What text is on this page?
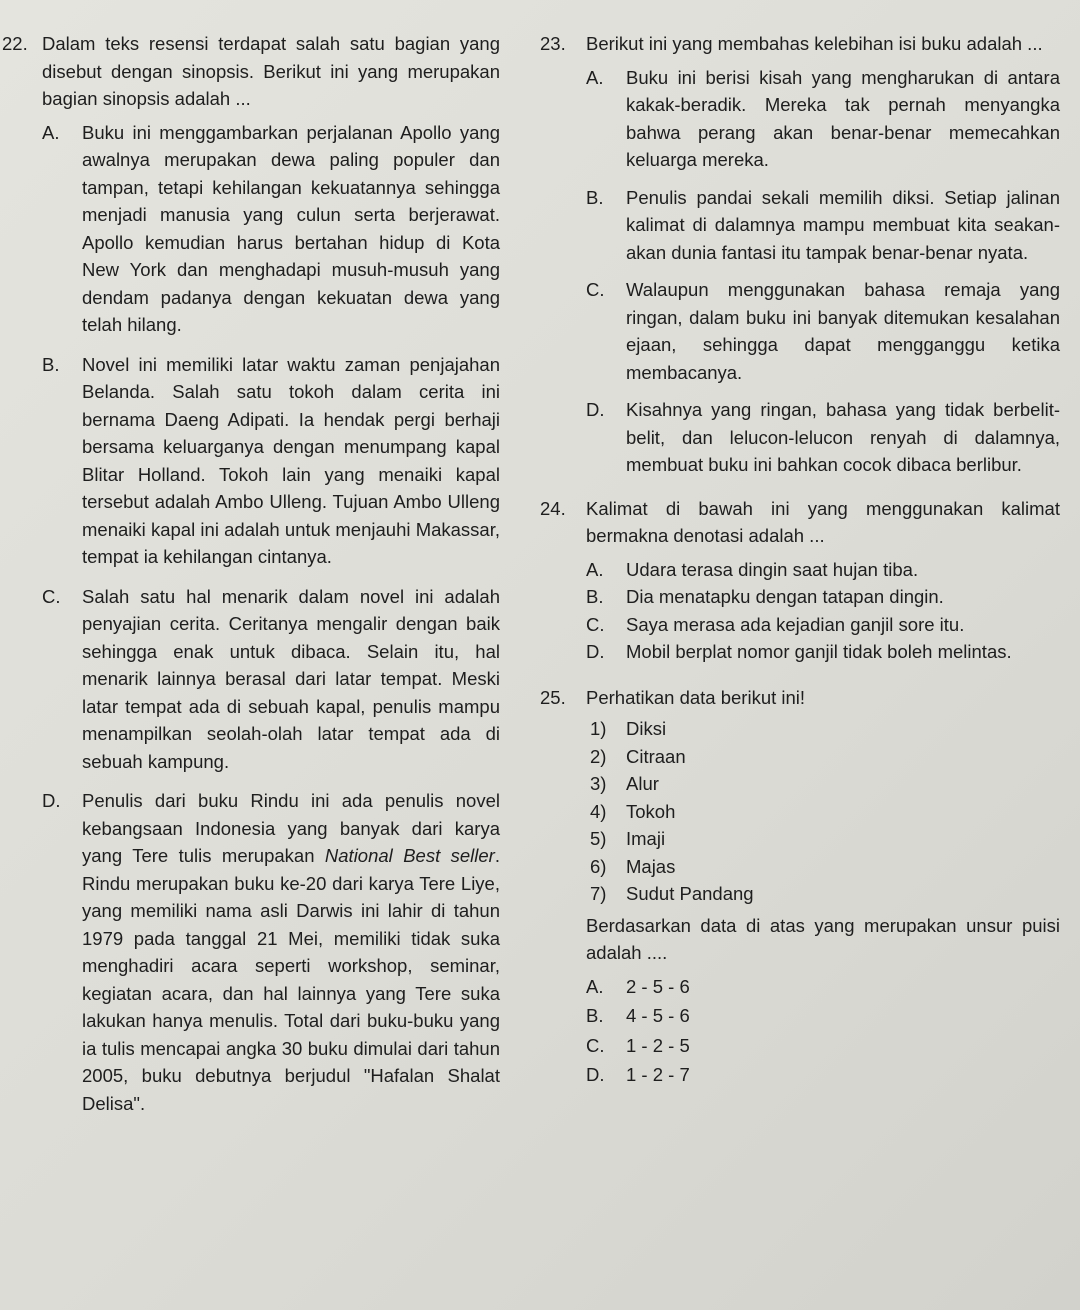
22. Dalam teks resensi terdapat salah satu bagian yang disebut dengan sinopsis. Berikut ini yang merupakan bagian sinopsis adalah ...
A. Buku ini menggambarkan perjalanan Apollo yang awalnya merupakan dewa paling populer dan tampan, tetapi kehilangan kekuatannya sehingga menjadi manusia yang culun serta berjerawat. Apollo kemudian harus bertahan hidup di Kota New York dan menghadapi musuh-musuh yang dendam padanya dengan kekuatan dewa yang telah hilang.
B. Novel ini memiliki latar waktu zaman penjajahan Belanda. Salah satu tokoh dalam cerita ini bernama Daeng Adipati. Ia hendak pergi berhaji bersama keluarganya dengan menumpang kapal Blitar Holland. Tokoh lain yang menaiki kapal tersebut adalah Ambo Ulleng. Tujuan Ambo Ulleng menaiki kapal ini adalah untuk menjauhi Makassar, tempat ia kehilangan cintanya.
C. Salah satu hal menarik dalam novel ini adalah penyajian cerita. Ceritanya mengalir dengan baik sehingga enak untuk dibaca. Selain itu, hal menarik lainnya berasal dari latar tempat. Meski latar tempat ada di sebuah kapal, penulis mampu menampilkan seolah-olah latar tempat ada di sebuah kampung.
D. Penulis dari buku Rindu ini ada penulis novel kebangsaan Indonesia yang banyak dari karya yang Tere tulis merupakan National Best seller. Rindu merupakan buku ke-20 dari karya Tere Liye, yang memiliki nama asli Darwis ini lahir di tahun 1979 pada tanggal 21 Mei, memiliki tidak suka menghadiri acara seperti workshop, seminar, kegiatan acara, dan hal lainnya yang Tere suka lakukan hanya menulis. Total dari buku-buku yang ia tulis mencapai angka 30 buku dimulai dari tahun 2005, buku debutnya berjudul "Hafalan Shalat Delisa".
23.	Berikut ini yang membahas kelebihan isi buku adalah ...
A. Buku ini berisi kisah yang mengharukan di antara kakak-beradik. Mereka tak pernah menyangka bahwa perang akan benar-benar memecahkan keluarga mereka.
B. Penulis pandai sekali memilih diksi. Setiap jalinan kalimat di dalamnya mampu membuat kita seakan-akan dunia fantasi itu tampak benar-benar nyata.
C. Walaupun menggunakan bahasa remaja yang ringan, dalam buku ini banyak ditemukan kesalahan ejaan, sehingga dapat mengganggu ketika membacanya.
D. Kisahnya yang ringan, bahasa yang tidak berbelit-belit, dan lelucon-lelucon renyah di dalamnya, membuat buku ini bahkan cocok dibaca berlibur.
24.	Kalimat di bawah ini yang menggunakan kalimat bermakna denotasi adalah ...
A. Udara terasa dingin saat hujan tiba.
B. Dia menatapku dengan tatapan dingin.
C. Saya merasa ada kejadian ganjil sore itu.
D. Mobil berplat nomor ganjil tidak boleh melintas.
25.	Perhatikan data berikut ini!
1) Diksi
2) Citraan
3) Alur
4) Tokoh
5) Imaji
6) Majas
7) Sudut Pandang
Berdasarkan data di atas yang merupakan unsur puisi adalah ....
A. 2 - 5 - 6
B. 4 - 5 - 6
C. 1 - 2 - 5
D. 1 - 2 - 7
